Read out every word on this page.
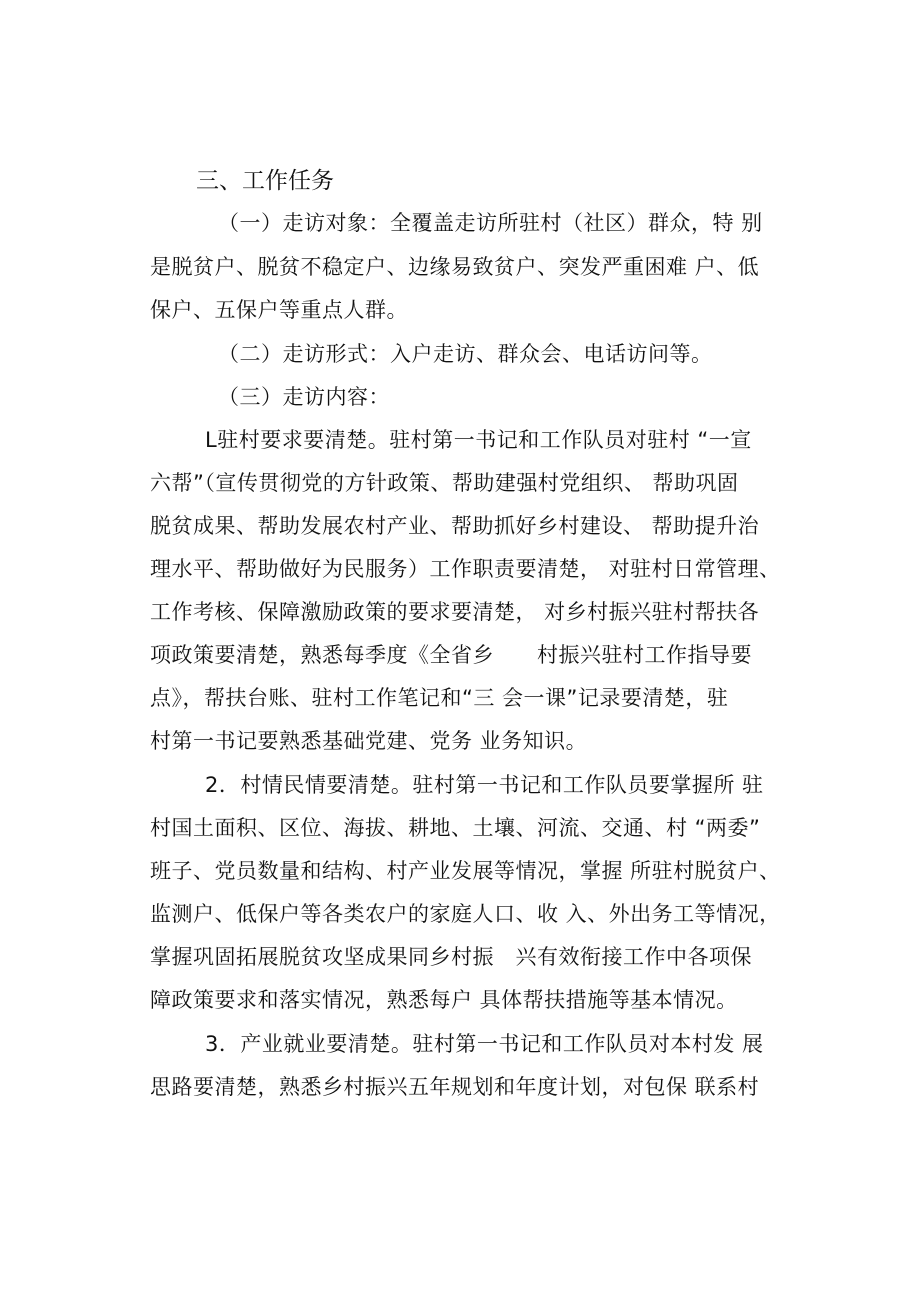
三、工作任务
（一）走访对象：全覆盖走访所驻村（社区）群众，特 别
是脱贫户、脱贫不稳定户、边缘易致贫户、突发严重困难 户、低
保户、五保户等重点人群。
（二）走访形式：入户走访、群众会、电话访问等。
（三）走访内容：
L驻村要求要清楚。驻村第一书记和工作队员对驻村 “一宣
六帮”（宣传贯彻党的方针政策、帮助建强村党组织、 帮助巩固
脱贫成果、帮助发展农村产业、帮助抓好乡村建设、 帮助提升治
理水平、帮助做好为民服务）工作职责要清楚， 对驻村日常管理、
工作考核、保障激励政策的要求要清楚， 对乡村振兴驻村帮扶各
项政策要清楚，熟悉每季度《全省乡　　村振兴驻村工作指导要
点》，帮扶台账、驻村工作笔记和“三 会一课”记录要清楚，驻
村第一书记要熟悉基础党建、党务 业务知识。
2．村情民情要清楚。驻村第一书记和工作队员要掌握所 驻
村国土面积、区位、海拔、耕地、土壤、河流、交通、村 “两委”
班子、党员数量和结构、村产业发展等情况，掌握 所驻村脱贫户、
监测户、低保户等各类农户的家庭人口、收 入、外出务工等情况，
掌握巩固拓展脱贫攻坚成果同乡村振　兴有效衔接工作中各项保
障政策要求和落实情况，熟悉每户 具体帮扶措施等基本情况。
3．产业就业要清楚。驻村第一书记和工作队员对本村发 展
思路要清楚，熟悉乡村振兴五年规划和年度计划，对包保 联系村
